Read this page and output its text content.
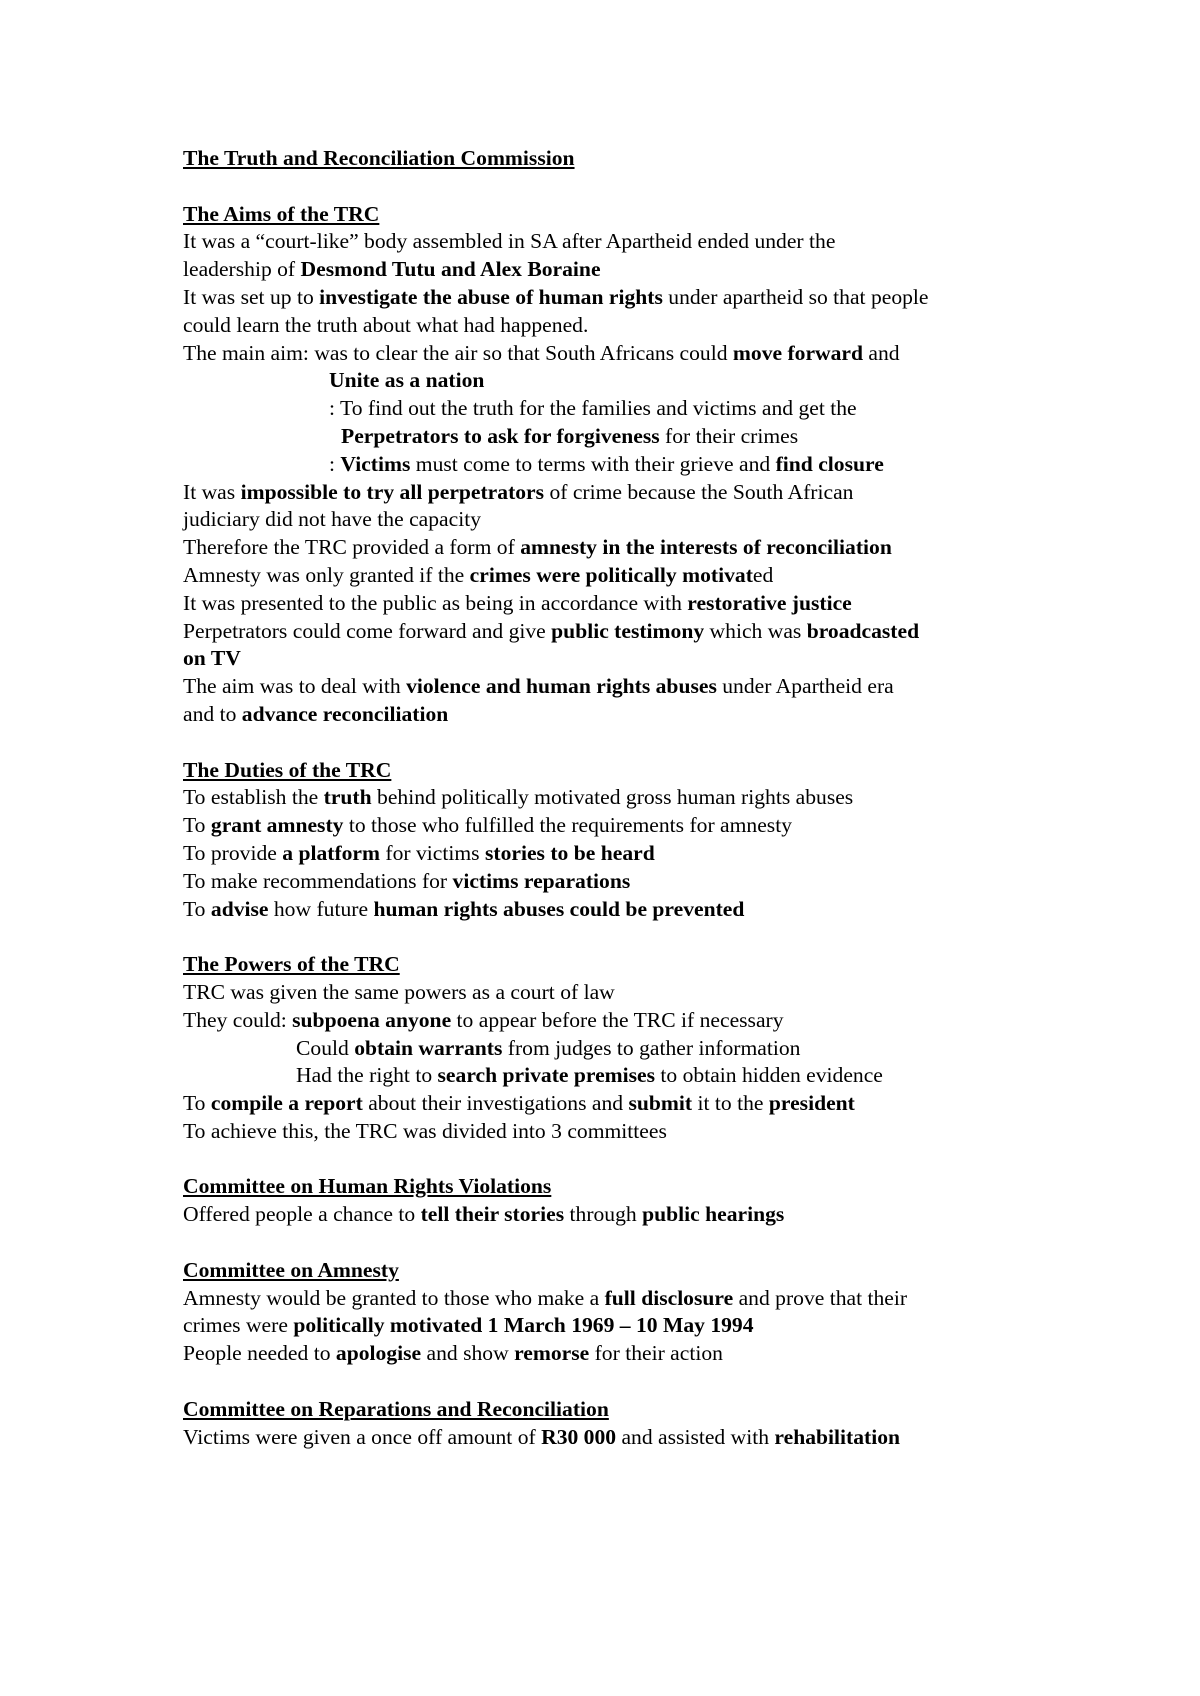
The Truth and Reconciliation Commission
The Aims of the TRC
It was a “court-like” body assembled in SA after Apartheid ended under the
leadership of Desmond Tutu and Alex Boraine
It was set up to investigate the abuse of human rights under apartheid so that people
could learn the truth about what had happened.
The main aim: was to clear the air so that South Africans could move forward and
Unite as a nation
: To find out the truth for the families and victims and get the
Perpetrators to ask for forgiveness for their crimes
: Victims must come to terms with their grieve and find closure
It was impossible to try all perpetrators of crime because the South African
judiciary did not have the capacity
Therefore the TRC provided a form of amnesty in the interests of reconciliation
Amnesty was only granted if the crimes were politically motivated
It was presented to the public as being in accordance with restorative justice
Perpetrators could come forward and give public testimony which was broadcasted
on TV
The aim was to deal with violence and human rights abuses under Apartheid era
and to advance reconciliation
The Duties of the TRC
To establish the truth behind politically motivated gross human rights abuses
To grant amnesty to those who fulfilled the requirements for amnesty
To provide a platform for victims stories to be heard
To make recommendations for victims reparations
To advise how future human rights abuses could be prevented
The Powers of the TRC
TRC was given the same powers as a court of law
They could: subpoena anyone to appear before the TRC if necessary
Could obtain warrants from judges to gather information
Had the right to search private premises to obtain hidden evidence
To compile a report about their investigations and submit it to the president
To achieve this, the TRC was divided into 3 committees
Committee on Human Rights Violations
Offered people a chance to tell their stories through public hearings
Committee on Amnesty
Amnesty would be granted to those who make a full disclosure and prove that their
crimes were politically motivated 1 March 1969 – 10 May 1994
People needed to apologise and show remorse for their action
Committee on Reparations and Reconciliation
Victims were given a once off amount of R30 000 and assisted with rehabilitation
